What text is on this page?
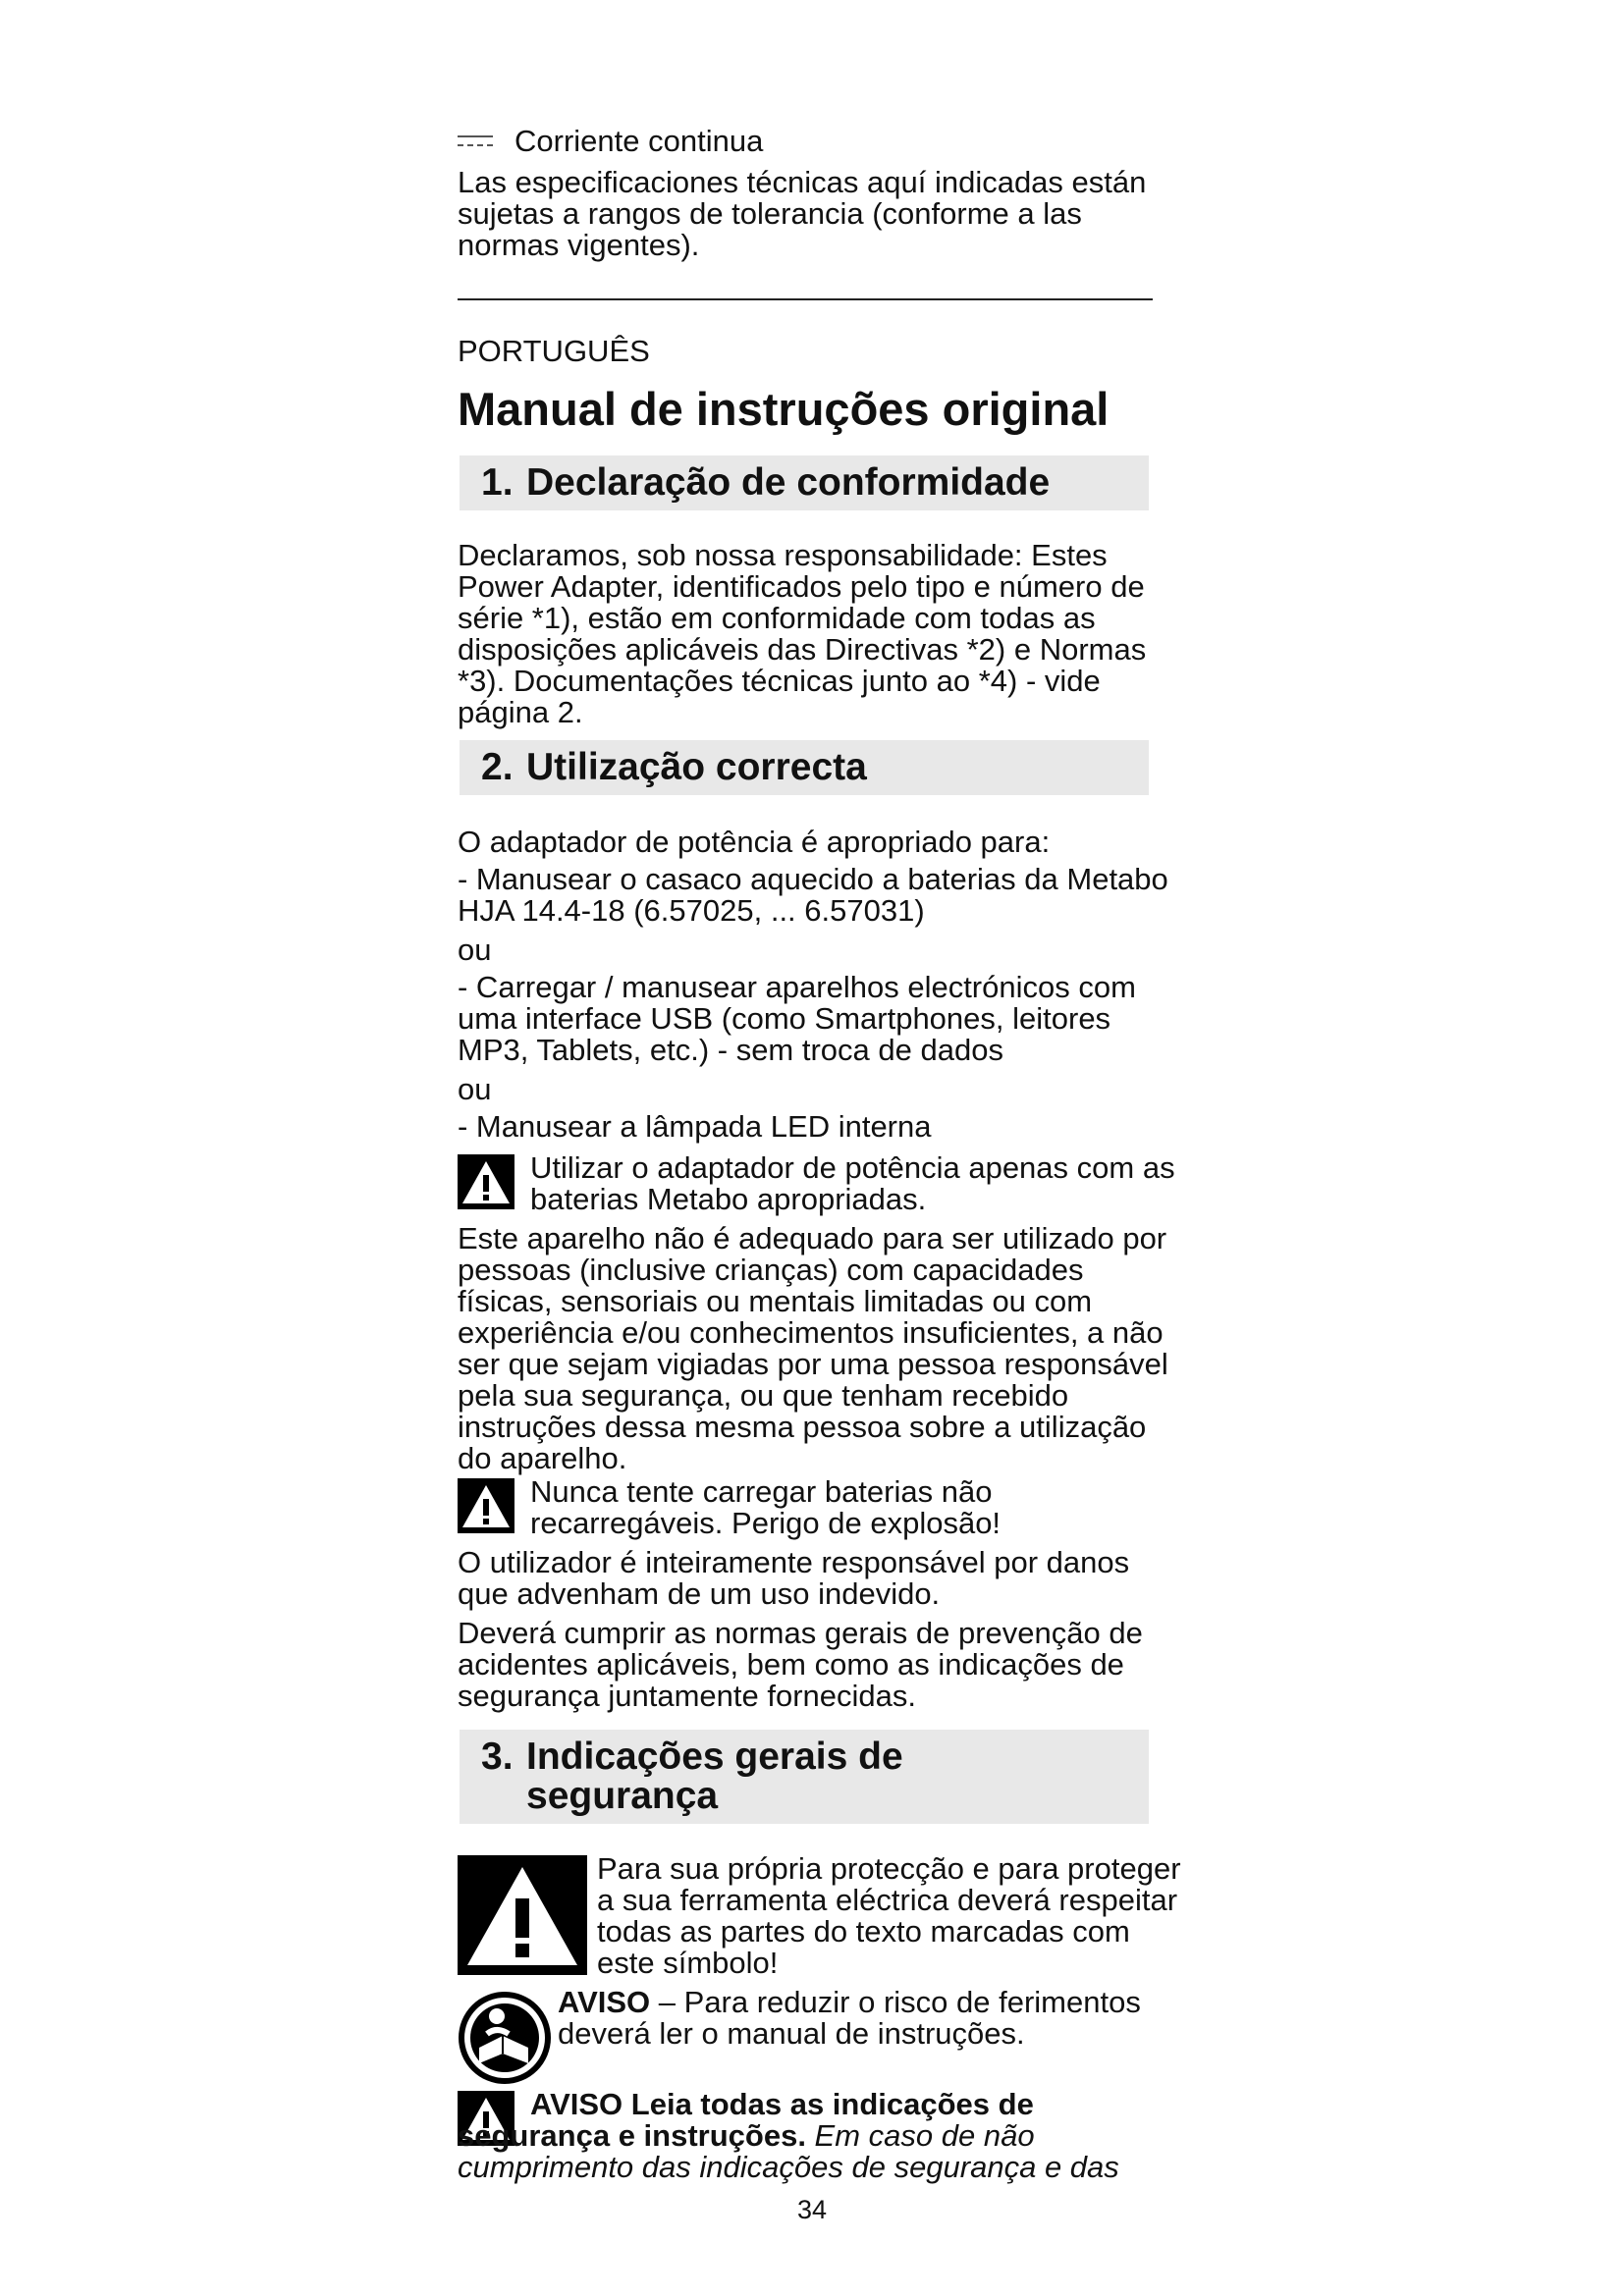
Corriente continua

Las especificaciones técnicas aquí indicadas están sujetas a rangos de tolerancia (conforme a las normas vigentes).

PORTUGUÊS
Manual de instruções original
1. Declaração de conformidade

Declaramos, sob nossa responsabilidade: Estes Power Adapter, identificados pelo tipo e número de série *1), estão em conformidade com todas as disposições aplicáveis das Directivas *2) e Normas *3). Documentações técnicas junto ao *4) - vide página 2.

2. Utilização correcta

O adaptador de potência é apropriado para:

- Manusear o casaco aquecido a baterias da Metabo HJA 14.4-18 (6.57025, ... 6.57031)

ou

- Carregar / manusear aparelhos electrónicos com uma interface USB (como Smartphones, leitores MP3, Tablets, etc.) - sem troca de dados

ou

- Manusear a lâmpada LED interna

Utilizar o adaptador de potência apenas com as baterias Metabo apropriadas.

Este aparelho não é adequado para ser utilizado por pessoas (inclusive crianças) com capacidades físicas, sensoriais ou mentais limitadas ou com experiência e/ou conhecimentos insuficientes, a não ser que sejam vigiadas por uma pessoa responsável pela sua segurança, ou que tenham recebido instruções dessa mesma pessoa sobre a utilização do aparelho.

Nunca tente carregar baterias não recarregáveis. Perigo de explosão!

O utilizador é inteiramente responsável por danos que advenham de um uso indevido.

Deverá cumprir as normas gerais de prevenção de acidentes aplicáveis, bem como as indicações de segurança juntamente fornecidas.

3. Indicações gerais de
segurança

Para sua própria protecção e para proteger a sua ferramenta eléctrica deverá respeitar todas as partes do texto marcadas com este símbolo!

AVISO – Para reduzir o risco de ferimentos deverá ler o manual de instruções.

AVISO Leia todas as indicações de segurança e instruções. Em caso de não cumprimento das indicações de segurança e das

34
